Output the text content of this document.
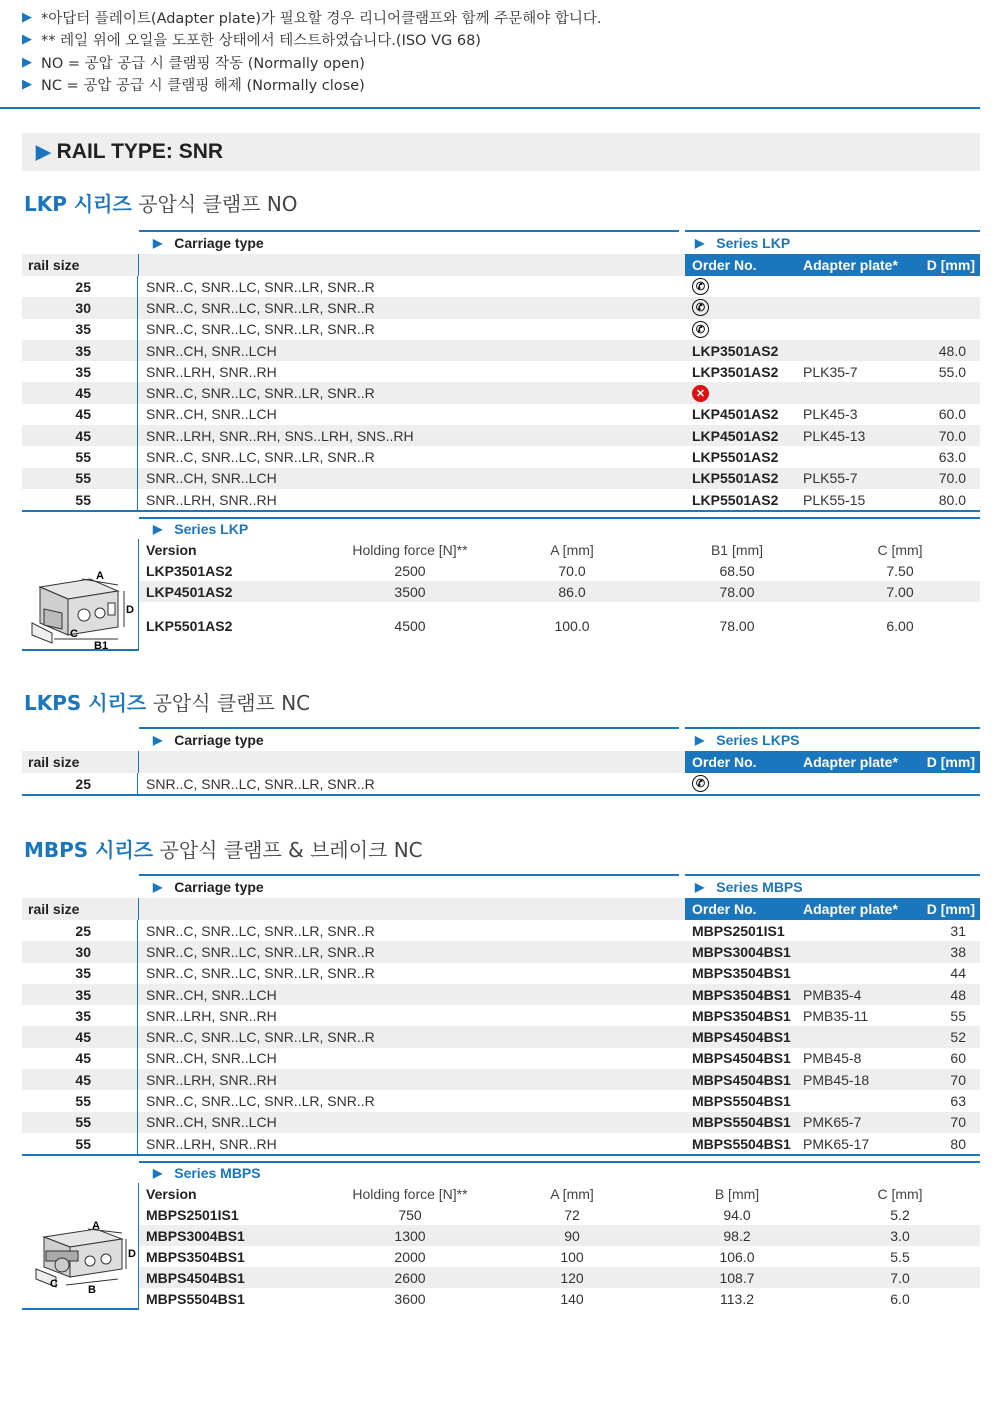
▶ *아답터 플레이트(Adapter plate)가 필요할 경우 리니어클램프와 함께 주문해야 합니다.
▶ ** 레일 위에 오일을 도포한 상태에서 테스트하였습니다.(ISO VG 68)
▶ NO = 공압 공급 시 클램핑 작동 (Normally open)
▶ NC = 공압 공급 시 클램핑 해제 (Normally close)
▶ RAIL TYPE: SNR
LKP 시리즈 공압식 클램프 NO
▶ Carriage type	▶ Series LKP
rail size	Order No.	Adapter plate* D [mm]
25	SNR..C, SNR..LC, SNR..LR, SNR..R	✆
30	SNR..C, SNR..LC, SNR..LR, SNR..R	✆
35	SNR..C, SNR..LC, SNR..LR, SNR..R	✆
35	SNR..CH, SNR..LCH	LKP3501AS2	48.0
35	SNR..LRH, SNR..RH	LKP3501AS2 PLK35-7	55.0
45	SNR..C, SNR..LC, SNR..LR, SNR..R	✕
45	SNR..CH, SNR..LCH	LKP4501AS2 PLK45-3	60.0
45	SNR..LRH, SNR..RH, SNS..LRH, SNS..RH	LKP4501AS2 PLK45-13	70.0
55	SNR..C, SNR..LC, SNR..LR, SNR..R	LKP5501AS2	63.0
55	SNR..CH, SNR..LCH	LKP5501AS2 PLK55-7	70.0
55	SNR..LRH, SNR..RH	LKP5501AS2 PLK55-15	80.0
▶ Series LKP
A
D
C
B1
Version	Holding force [N]**	A [mm]	B1 [mm]	C [mm]
LKP3501AS2	2500	70.0	68.50	7.50
LKP4501AS2	3500	86.0	78.00	7.00
LKP5501AS2	4500	100.0	78.00	6.00
LKPS 시리즈 공압식 클램프 NC
▶ Carriage type	▶ Series LKPS
rail size	Order No.	Adapter plate* D [mm]
25	SNR..C, SNR..LC, SNR..LR, SNR..R	✆
MBPS 시리즈 공압식 클램프 & 브레이크 NC
▶ Carriage type	▶ Series MBPS
rail size	Order No.	Adapter plate* D [mm]
25	SNR..C, SNR..LC, SNR..LR, SNR..R	MBPS2501IS1	31
30	SNR..C, SNR..LC, SNR..LR, SNR..R	MBPS3004BS1	38
35	SNR..C, SNR..LC, SNR..LR, SNR..R	MBPS3504BS1	44
35	SNR..CH, SNR..LCH	MBPS3504BS1 PMB35-4	48
35	SNR..LRH, SNR..RH	MBPS3504BS1 PMB35-11	55
45	SNR..C, SNR..LC, SNR..LR, SNR..R	MBPS4504BS1	52
45	SNR..CH, SNR..LCH	MBPS4504BS1 PMB45-8	60
45	SNR..LRH, SNR..RH	MBPS4504BS1 PMB45-18	70
55	SNR..C, SNR..LC, SNR..LR, SNR..R	MBPS5504BS1	63
55	SNR..CH, SNR..LCH	MBPS5504BS1 PMK65-7	70
55	SNR..LRH, SNR..RH	MBPS5504BS1 PMK65-17	80
▶ Series MBPS
A
D
C	B
Version	Holding force [N]**	A [mm]	B [mm]	C [mm]
MBPS2501IS1	750	72	94.0	5.2
MBPS3004BS1	1300	90	98.2	3.0
MBPS3504BS1	2000	100	106.0	5.5
MBPS4504BS1	2600	120	108.7	7.0
MBPS5504BS1	3600	140	113.2	6.0
